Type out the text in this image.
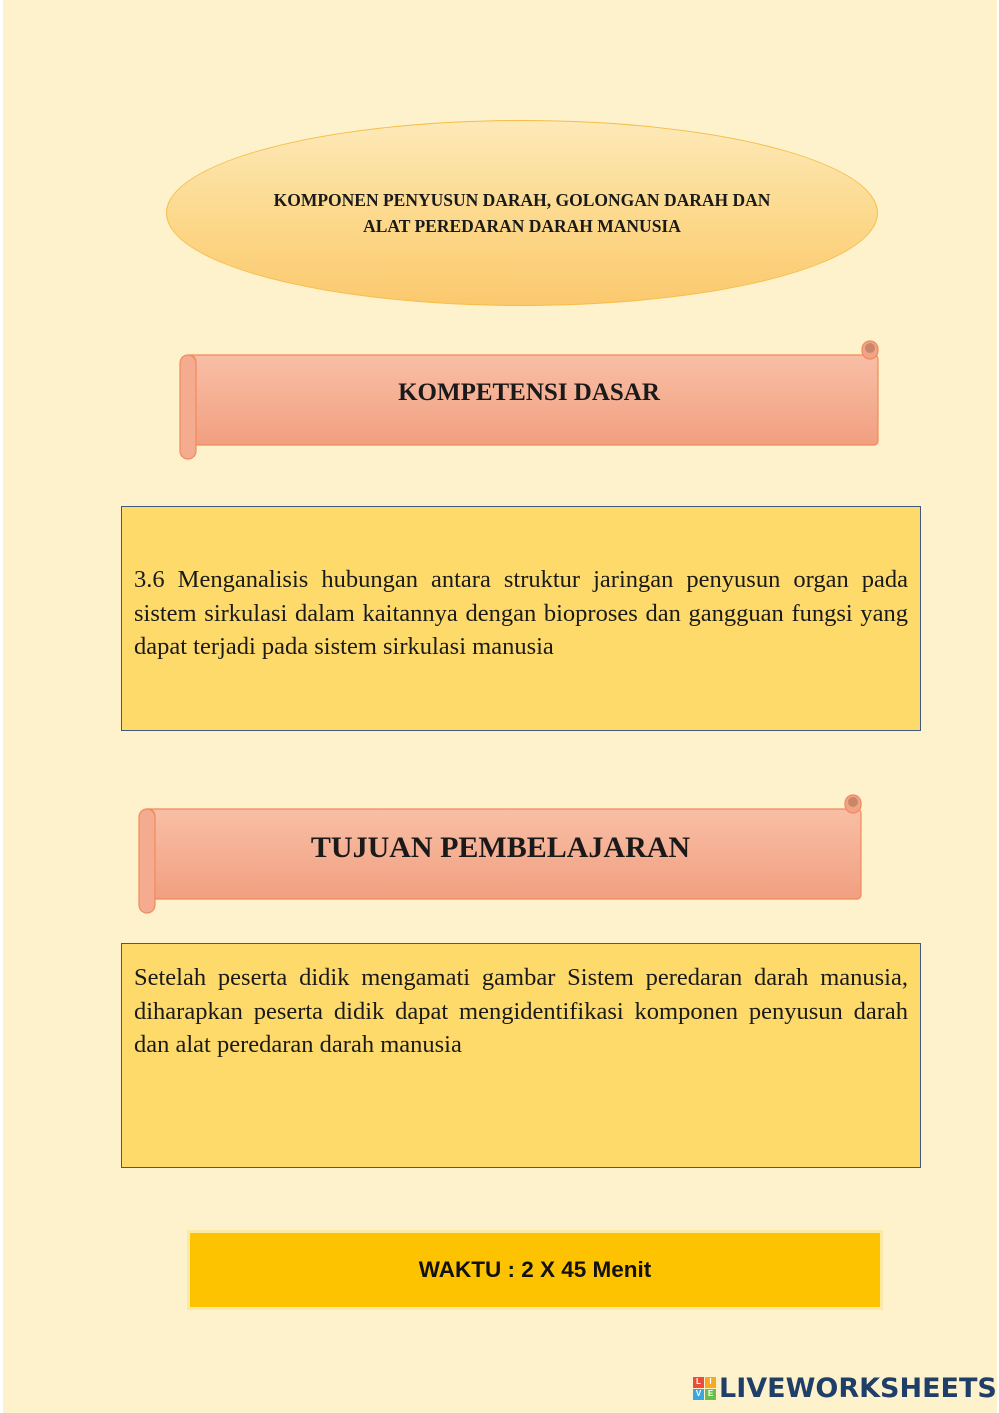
KOMPONEN PENYUSUN DARAH, GOLONGAN DARAH DAN
ALAT PEREDARAN DARAH MANUSIA
KOMPETENSI DASAR

3.6 Menganalisis hubungan antara struktur jaringan penyusun organ pada sistem sirkulasi dalam kaitannya dengan bioproses dan gangguan fungsi yang dapat terjadi pada sistem sirkulasi manusia

TUJUAN PEMBELAJARAN

Setelah peserta didik mengamati gambar Sistem peredaran darah manusia, diharapkan peserta didik dapat mengidentifikasi komponen penyusun darah dan alat peredaran darah manusia

WAKTU : 2 X 45 Menit
L	I
V E LIVEWORKSHEETS
